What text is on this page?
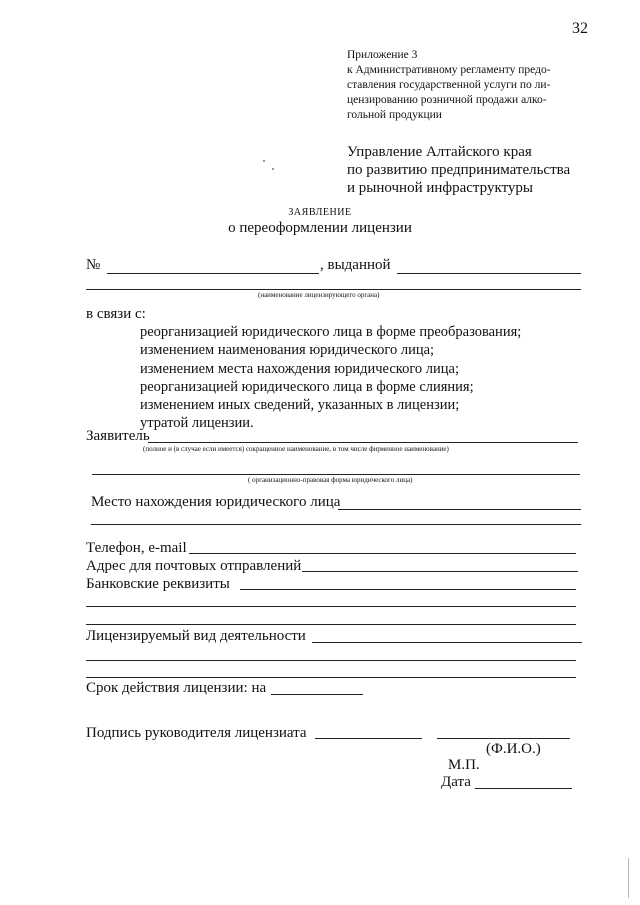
32
Приложение 3
к Административному регламенту предо-
ставления государственной услуги по ли-
цензированию розничной продажи алко-
гольной продукции
Управление Алтайского края
по развитию предпринимательства
и рыночной инфраструктуры
ЗАЯВЛЕНИЕ
о переоформлении лицензии
№	, выданной
(наименование лицензирующего органа)
в связи с:
реорганизацией юридического лица в форме преобразования;
изменением наименования юридического лица;
изменением места нахождения юридического лица;
реорганизацией юридического лица в форме слияния;
изменением иных сведений, указанных в лицензии;
утратой лицензии.
Заявитель
(полное и (в случае если имеется) сокращенное наименование, в том числе фирменное наименование)
( организационно-правовая форма юридического лица)
Место нахождения юридического лица
Телефон, e-mail
Адрес для почтовых отправлений
Банковские реквизиты
Лицензируемый вид деятельности
Срок действия лицензии: на
Подпись руководителя лицензиата
(Ф.И.О.)
М.П.
Дата
